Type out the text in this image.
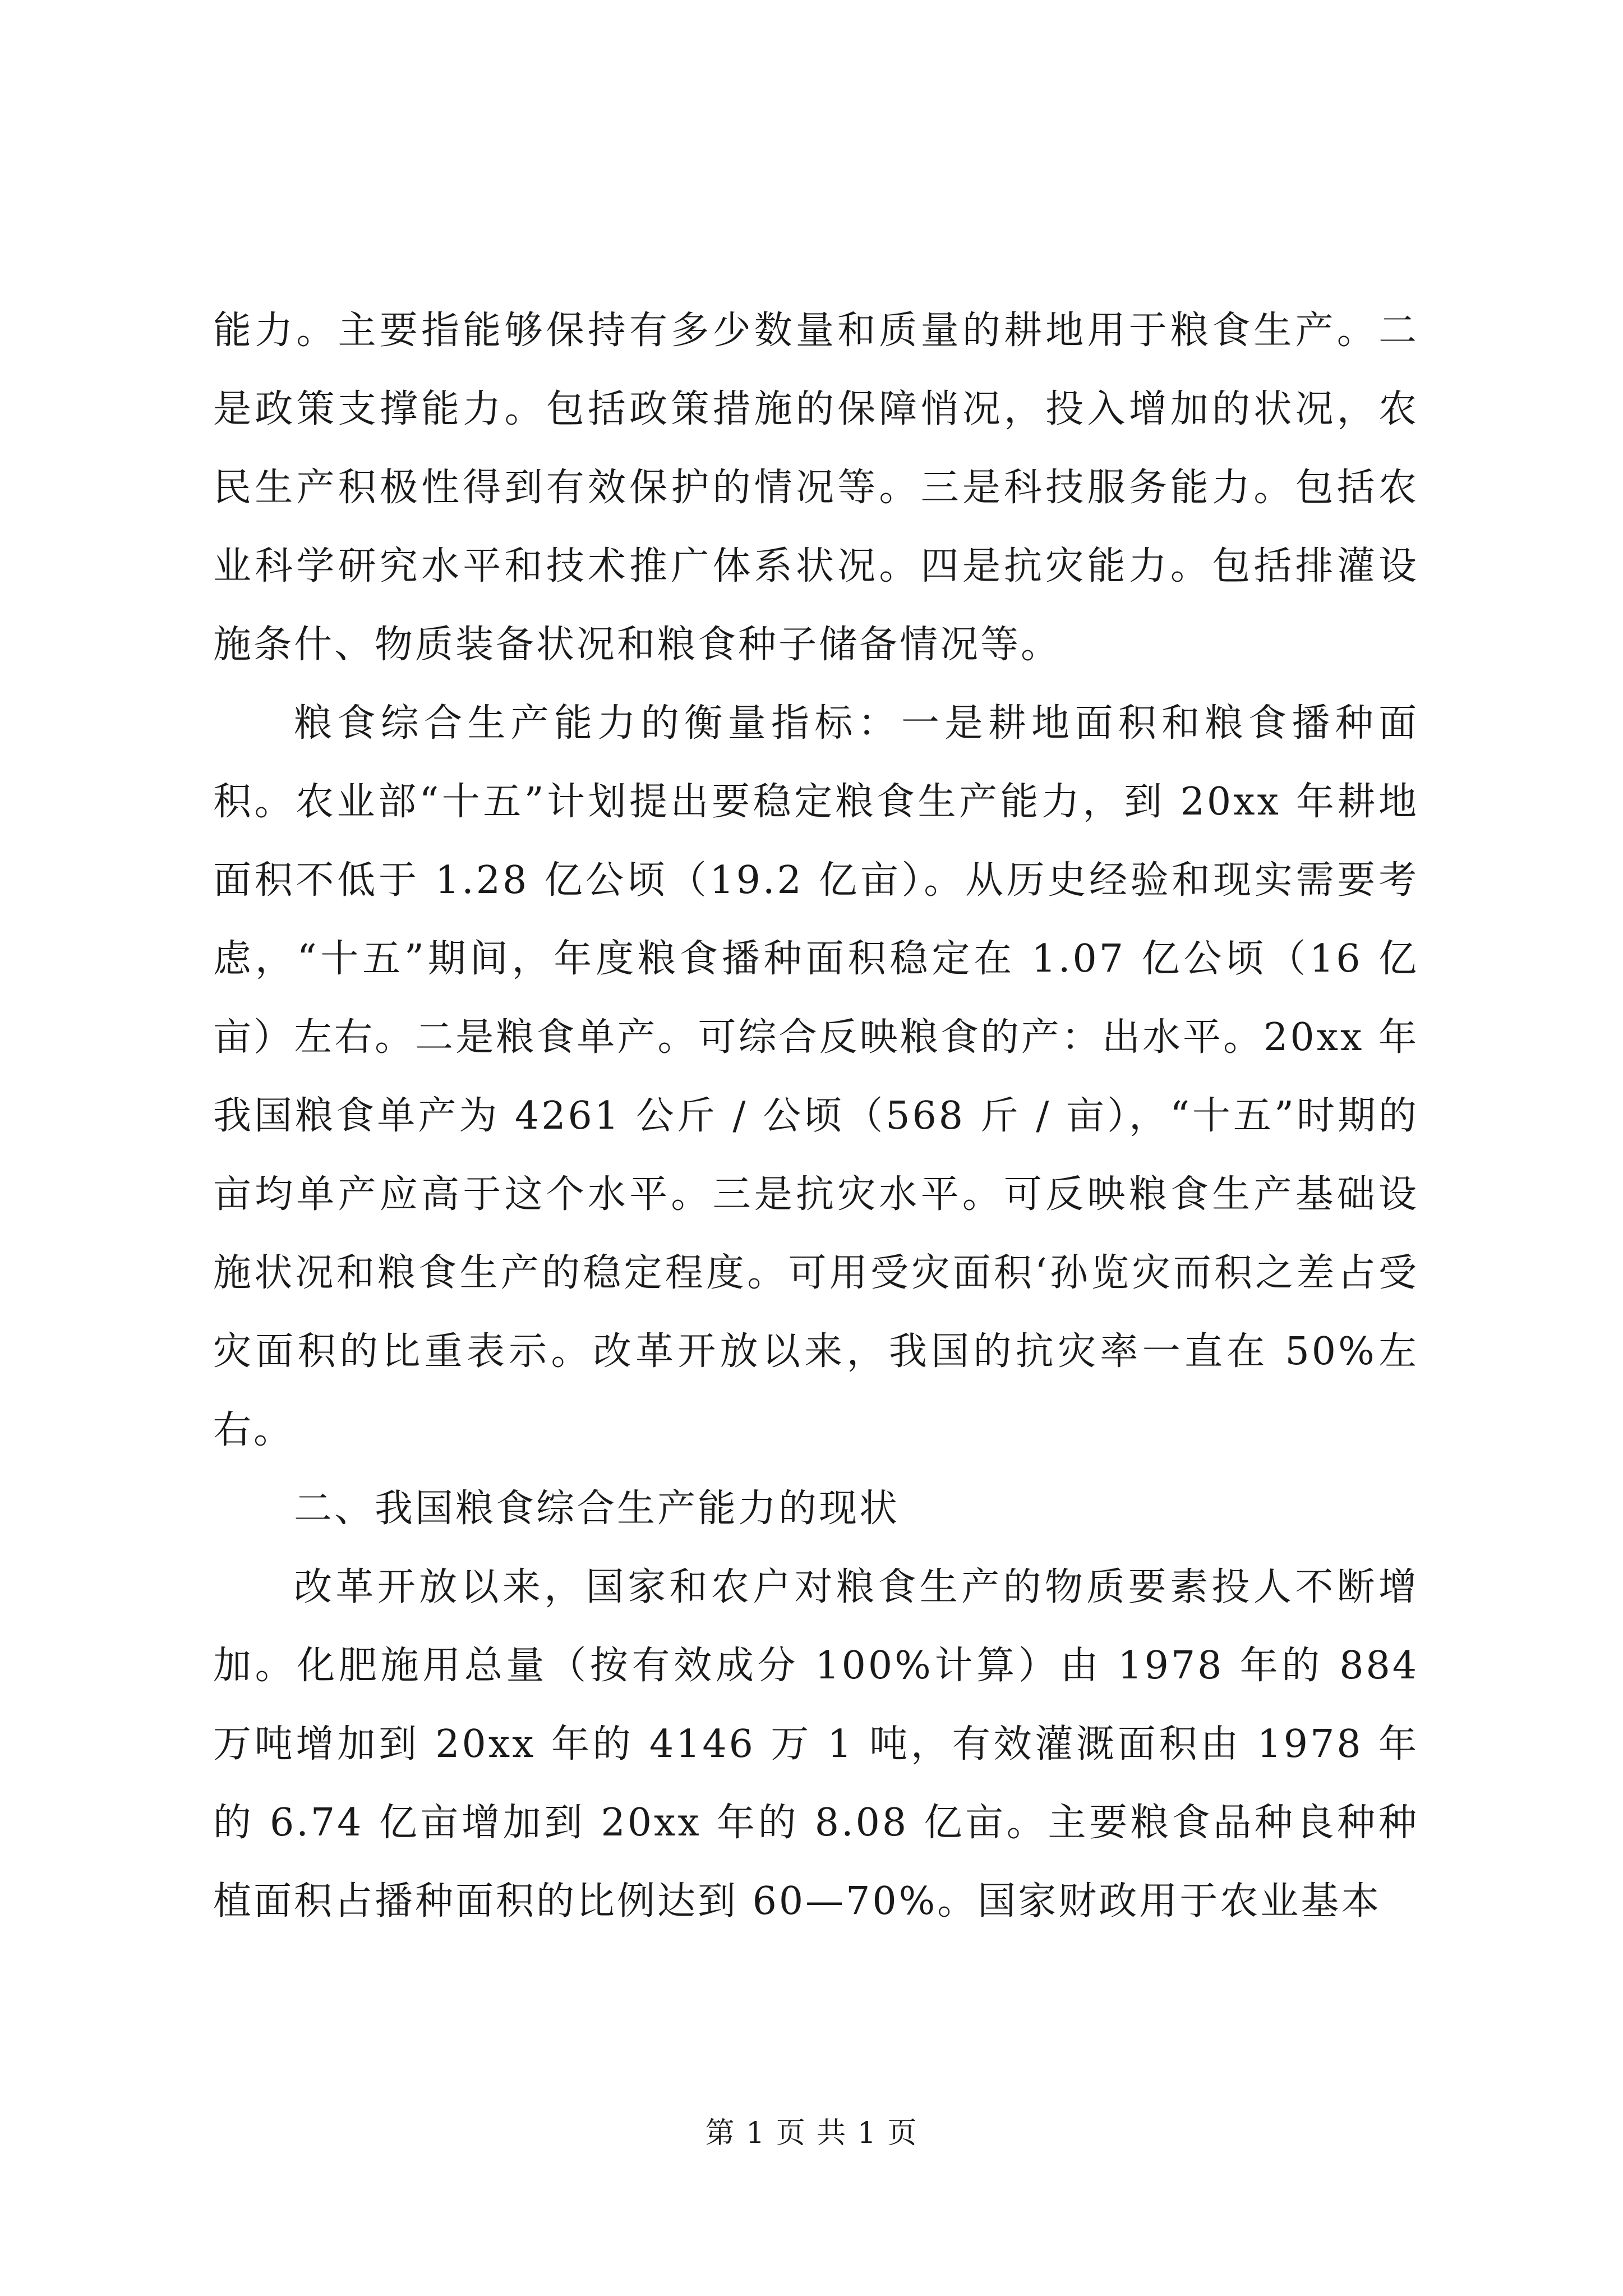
能力。主要指能够保持有多少数量和质量的耕地用于粮食生产。二是政策支撑能力。包括政策措施的保障悄况，投入增加的状况，农民生产积极性得到有效保护的情况等。三是科技服务能力。包括农业科学研究水平和技术推广体系状况。四是抗灾能力。包括排灌设施条什、物质装备状况和粮食种子储备情况等。

粮食综合生产能力的衡量指标：一是耕地面积和粮食播种面积。农业部“十五”计划提出要稳定粮食生产能力，到 20xx 年耕地面积不低于 1.28 亿公顷（19.2 亿亩）。从历史经验和现实需要考虑，“十五”期间，年度粮食播种面积稳定在 1.07 亿公顷（16 亿亩）左右。二是粮食单产。可综合反映粮食的产：出水平。20xx 年我国粮食单产为 4261 公斤 / 公顷（568 斤 / 亩），“十五”时期的亩均单产应高于这个水平。三是抗灾水平。可反映粮食生产基础设施状况和粮食生产的稳定程度。可用受灾面积‘孙览灾而积之差占受灾面积的比重表示。改革开放以来，我国的抗灾率一直在 50%左右。

二、我国粮食综合生产能力的现状

改革开放以来，国家和农户对粮食生产的物质要素投人不断增加。化肥施用总量（按有效成分 100%计算）由 1978 年的 884 万吨增加到 20xx 年的 4146 万 1 吨，有效灌溉面积由 1978 年的 6.74 亿亩增加到 20xx 年的 8.08 亿亩。主要粮食品种良种种植面积占播种面积的比例达到 60—70%。国家财政用于农业基本

第 1 页 共 1 页
